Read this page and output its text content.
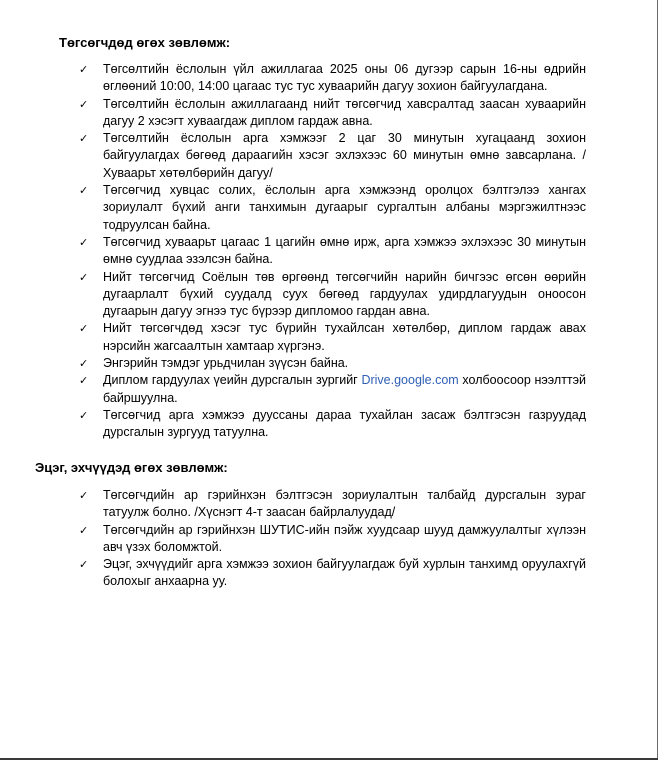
Төгсөгчдөд өгөх зөвлөмж:
✓ Төгсөлтийн ёслолын үйл ажиллагаа 2025 оны 06 дугээр сарын 16-ны өдрийн өглөөний 10:00, 14:00 цагаас тус тус хуваарийн дагуу зохион байгуулагдана.
✓ Төгсөлтийн ёслолын ажиллагаанд нийт төгсөгчид хавсралтад заасан хуваарийн дагуу 2 хэсэгт хуваагдаж диплом гардаж авна.
✓ Төгсөлтийн ёслолын арга хэмжээг 2 цаг 30 минутын хугацаанд зохион байгуулагдах бөгөөд дараагийн хэсэг эхлэхээс 60 минутын өмнө завсарлана. /Хуваарьт хөтөлбөрийн дагуу/
✓ Төгсөгчид хувцас солих, ёслолын арга хэмжээнд оролцох бэлтгэлээ хангах зориулалт бүхий анги танхимын дугаарыг сургалтын албаны мэргэжилтнээс тодруулсан байна.
✓ Төгсөгчид хуваарьт цагаас 1 цагийн өмнө ирж, арга хэмжээ эхлэхээс 30 минутын өмнө суудлаа эзэлсэн байна.
✓ Нийт төгсөгчид Соёлын төв өргөөнд төгсөгчийн нарийн бичгээс өгсөн өөрийн дугаарлалт бүхий суудалд суух бөгөөд гардуулах удирдлагуудын оноосон дугаарын дагуу эгнээ тус бүрээр дипломоо гардан авна.
✓ Нийт төгсөгчдөд хэсэг тус бүрийн тухайлсан хөтөлбөр, диплом гардаж авах нэрсийн жагсаалтын хамтаар хүргэнэ.
✓ Энгэрийн тэмдэг урьдчилан зүүсэн байна.
✓ Диплом гардуулах үеийн дурсгалын зургийг Drive.google.com холбоосоор нээлттэй байршуулна.
✓ Төгсөгчид арга хэмжээ дууссаны дараа тухайлан засаж бэлтгэсэн газруудад дурсгалын зургууд татуулна.
Эцэг, эхчүүдэд өгөх зөвлөмж:
✓ Төгсөгчдийн ар гэрийнхэн бэлтгэсэн зориулалтын талбайд дурсгалын зураг татуулж болно. /Хүснэгт 4-т заасан байрлалуудад/
✓ Төгсөгчдийн ар гэрийнхэн ШУТИС-ийн пэйж хуудсаар шууд дамжуулалтыг хүлээн авч үзэх боломжтой.
✓ Эцэг, эхчүүдийг арга хэмжээ зохион байгуулагдаж буй хурлын танхимд оруулахгүй болохыг анхаарна уу.
